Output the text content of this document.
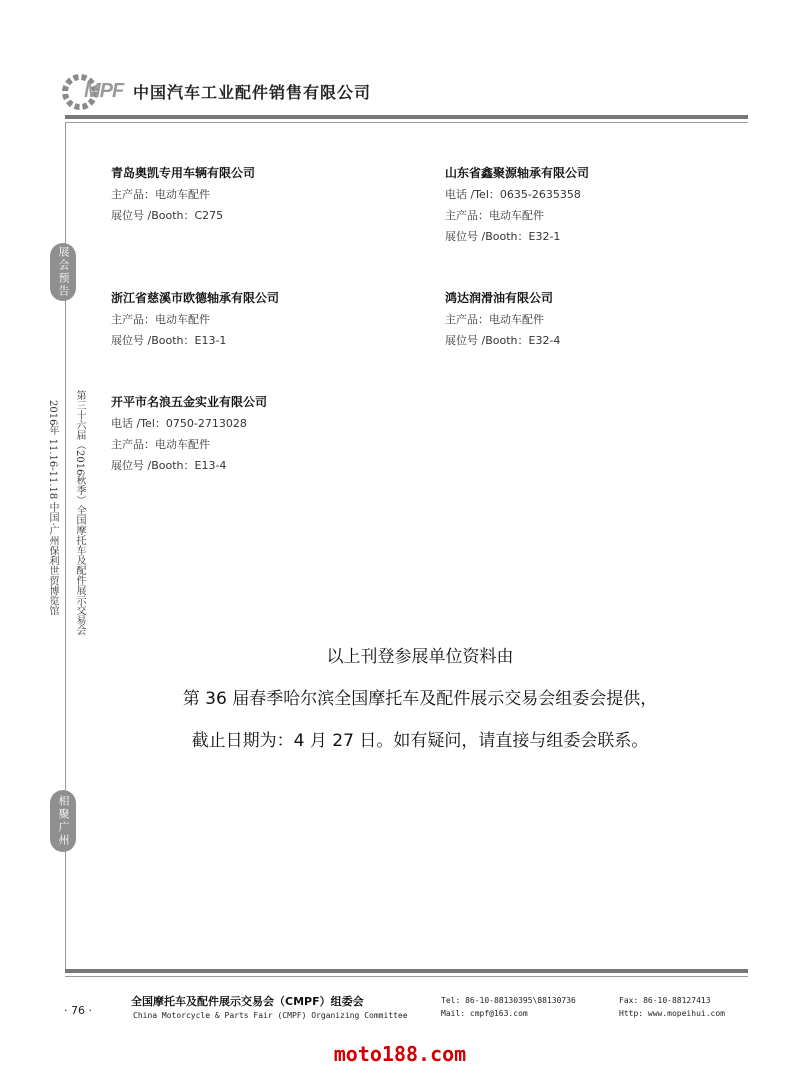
MPF 中国汽车工业配件销售有限公司
青岛奥凯专用车辆有限公司
主产品：电动车配件
展位号 /Booth：C275
山东省鑫聚源轴承有限公司
电话 /Tel：0635-2635358
主产品：电动车配件
展位号 /Booth：E32-1
浙江省慈溪市欧德轴承有限公司
主产品：电动车配件
展位号 /Booth：E13-1
鸿达润滑油有限公司
主产品：电动车配件
展位号 /Booth：E32-4
开平市名浪五金实业有限公司
电话 /Tel：0750-2713028
主产品：电动车配件
展位号 /Booth：E13-4
展会预告
相聚广州
第三十六届（2016秋季）全国摩托车及配件展示交易会
2016年 11.16-11.18 中国·广州保利世贸博览馆
以上刊登参展单位资料由
第 36 届春季哈尔滨全国摩托车及配件展示交易会组委会提供，
截止日期为：4 月 27 日。如有疑问，请直接与组委会联系。
· 76 ·
全国摩托车及配件展示交易会（CMPF）组委会
China Motorcycle & Parts Fair (CMPF) Organizing Committee
Tel: 86-10-88130395\88130736
Mail: cmpf@163.com
Fax: 86-10-88127413
Http: www.mopeihui.com
moto188.com
